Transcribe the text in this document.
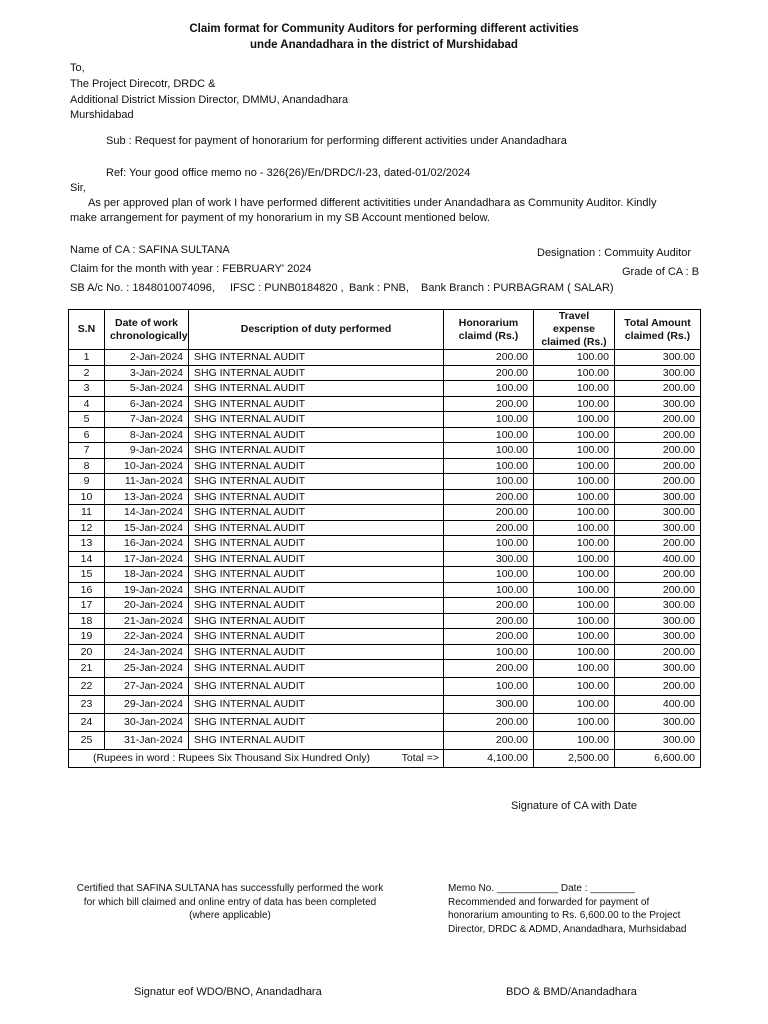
Claim format for Community Auditors for performing different activities
unde Anandadhara in the district of Murshidabad
To,
The Project Direcotr, DRDC &
Additional District Mission Director, DMMU, Anandadhara
Murshidabad
Sub : Request for payment of honorarium for performing different activities under Anandadhara
Ref: Your good office memo no - 326(26)/En/DRDC/I-23, dated-01/02/2024
Sir,
As per approved plan of work I have performed different activitities under Anandadhara as Community Auditor. Kindly
make arrangement for payment of my honorarium in my SB Account mentioned below.
Name of CA : SAFINA SULTANA	Designation : Commuity Auditor
Claim for the month with year : FEBRUARY' 2024	Grade of CA : B
SB A/c No. : 1848010074096, IFSC : PUNB0184820 , Bank : PNB, Bank Branch : PURBAGRAM ( SALAR)
S.N	Date of work chronologically	Description of duty performed	Honorarium claimd (Rs.)	Travel expense claimed (Rs.)	Total Amount claimed (Rs.)
1	2-Jan-2024	SHG INTERNAL AUDIT	200.00	100.00	300.00
2	3-Jan-2024	SHG INTERNAL AUDIT	200.00	100.00	300.00
3	5-Jan-2024	SHG INTERNAL AUDIT	100.00	100.00	200.00
4	6-Jan-2024	SHG INTERNAL AUDIT	200.00	100.00	300.00
5	7-Jan-2024	SHG INTERNAL AUDIT	100.00	100.00	200.00
6	8-Jan-2024	SHG INTERNAL AUDIT	100.00	100.00	200.00
7	9-Jan-2024	SHG INTERNAL AUDIT	100.00	100.00	200.00
8	10-Jan-2024	SHG INTERNAL AUDIT	100.00	100.00	200.00
9	11-Jan-2024	SHG INTERNAL AUDIT	100.00	100.00	200.00
10	13-Jan-2024	SHG INTERNAL AUDIT	200.00	100.00	300.00
11	14-Jan-2024	SHG INTERNAL AUDIT	200.00	100.00	300.00
12	15-Jan-2024	SHG INTERNAL AUDIT	200.00	100.00	300.00
13	16-Jan-2024	SHG INTERNAL AUDIT	100.00	100.00	200.00
14	17-Jan-2024	SHG INTERNAL AUDIT	300.00	100.00	400.00
15	18-Jan-2024	SHG INTERNAL AUDIT	100.00	100.00	200.00
16	19-Jan-2024	SHG INTERNAL AUDIT	100.00	100.00	200.00
17	20-Jan-2024	SHG INTERNAL AUDIT	200.00	100.00	300.00
18	21-Jan-2024	SHG INTERNAL AUDIT	200.00	100.00	300.00
19	22-Jan-2024	SHG INTERNAL AUDIT	200.00	100.00	300.00
20	24-Jan-2024	SHG INTERNAL AUDIT	100.00	100.00	200.00
21	25-Jan-2024	SHG INTERNAL AUDIT	200.00	100.00	300.00
22	27-Jan-2024	SHG INTERNAL AUDIT	100.00	100.00	200.00
23	29-Jan-2024	SHG INTERNAL AUDIT	300.00	100.00	400.00
24	30-Jan-2024	SHG INTERNAL AUDIT	200.00	100.00	300.00
25	31-Jan-2024	SHG INTERNAL AUDIT	200.00	100.00	300.00
(Rupees in word : Rupees Six Thousand Six Hundred Only) Total =>			4,100.00	2,500.00	6,600.00
Signature of CA with Date
Certified that SAFINA SULTANA has successfully performed the work
for which bill claimed and online entry of data has been completed
(where applicable)
Memo No. ___________ Date : ________
Recommended and forwarded for payment of
honorarium amounting to Rs. 6,600.00 to the Project
Director, DRDC & ADMD, Anandadhara, Murhsidabad
Signatur eof WDO/BNO, Anandadhara	BDO & BMD/Anandadhara
